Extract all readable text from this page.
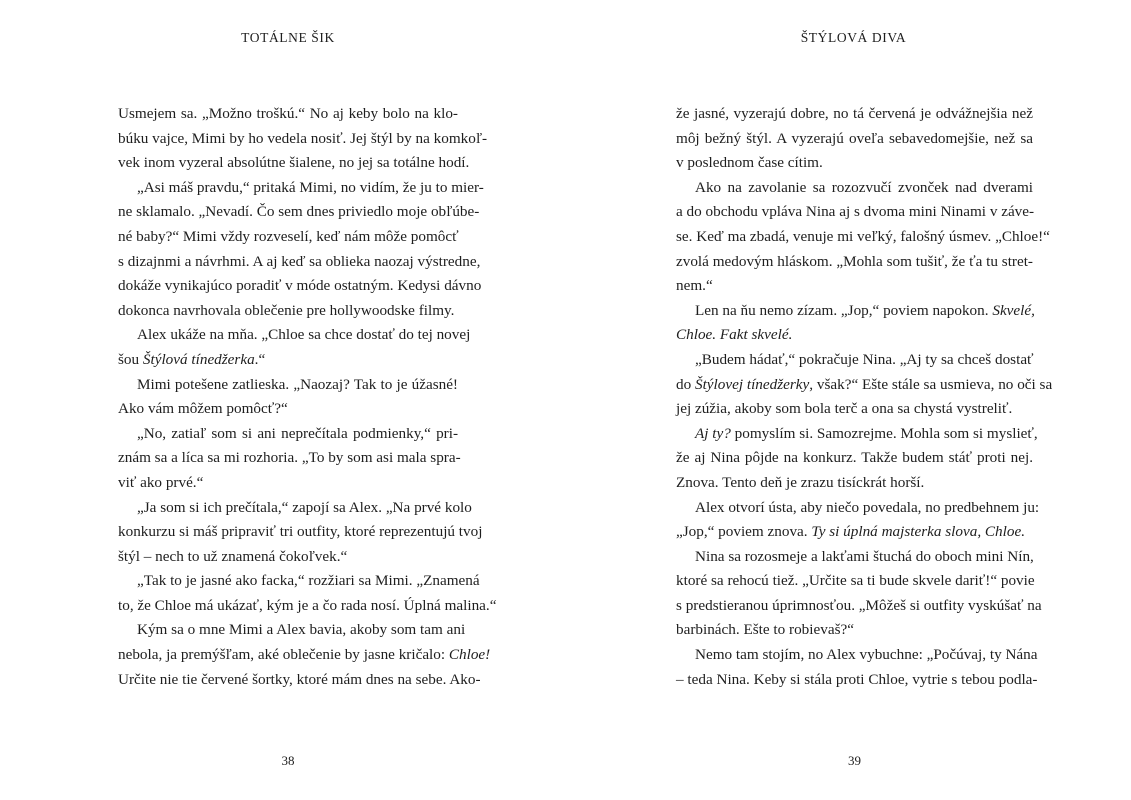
TOTÁLNE ŠIK
Usmejem sa. „Možno troškú.“ No aj keby bolo na klo-
búku vajce, Mimi by ho vedela nosiť. Jej štýl by na komkoľ-
vek inom vyzeral absolútne šialene, no jej sa totálne hodí.
„Asi máš pravdu,“ pritaká Mimi, no vidím, že ju to mier-
ne sklamalo. „Nevadí. Čo sem dnes priviedlo moje obľúbe-
né baby?“ Mimi vždy rozveselí, keď nám môže pomôcť
s dizajnmi a návrhmi. A aj keď sa oblieka naozaj výstredne,
dokáže vynikajúco poradiť v móde ostatným. Kedysi dávno
dokonca navrhovala oblečenie pre hollywoodske filmy.
Alex ukáže na mňa. „Chloe sa chce dostať do tej novej
šou Štýlová tínedžerka.“
Mimi potešene zatlieska. „Naozaj? Tak to je úžasné!
Ako vám môžem pomôcť?“
„No, zatiaľ som si ani neprečítala podmienky,“ pri-
znám sa a líca sa mi rozhoria. „To by som asi mala spra-
viť ako prvé.“
„Ja som si ich prečítala,“ zapojí sa Alex. „Na prvé kolo
konkurzu si máš pripraviť tri outfity, ktoré reprezentujú tvoj
štýl – nech to už znamená čokoľvek.“
„Tak to je jasné ako facka,“ rozžiari sa Mimi. „Znamená
to, že Chloe má ukázať, kým je a čo rada nosí. Úplná malina.“
Kým sa o mne Mimi a Alex bavia, akoby som tam ani
nebola, ja premýšľam, aké oblečenie by jasne kričalo: Chloe!
Určite nie tie červené šortky, ktoré mám dnes na sebe. Ako-
38
ŠTÝLOVÁ DIVA
že jasné, vyzerajú dobre, no tá červená je odvážnejšia než
môj bežný štýl. A vyzerajú oveľa sebavedomejšie, než sa
v poslednom čase cítim.
Ako na zavolanie sa rozozvučí zvonček nad dverami
a do obchodu vpláva Nina aj s dvoma mini Ninami v záve-
se. Keď ma zbadá, venuje mi veľký, falošný úsmev. „Chloe!“
zvolá medovým hláskom. „Mohla som tušiť, že ťa tu stret-
nem.“
Len na ňu nemo zízam. „Jop,“ poviem napokon. Skvelé,
Chloe. Fakt skvelé.
„Budem hádať,“ pokračuje Nina. „Aj ty sa chceš dostať
do Štýlovej tínedžerky, však?“ Ešte stále sa usmieva, no oči sa
jej zúžia, akoby som bola terč a ona sa chystá vystreliť.
Aj ty? pomyslím si. Samozrejme. Mohla som si myslieť,
že aj Nina pôjde na konkurz. Takže budem stáť proti nej.
Znova. Tento deň je zrazu tisíckrát horší.
Alex otvorí ústa, aby niečo povedala, no predbehnem ju:
„Jop,“ poviem znova. Ty si úplná majsterka slova, Chloe.
Nina sa rozosmeje a lakťami štuchá do oboch mini Nín,
ktoré sa rehocú tiež. „Určite sa ti bude skvele dariť!“ povie
s predstieranou úprimnosťou. „Môžeš si outfity vyskúšať na
barbinách. Ešte to robievaš?“
Nemo tam stojím, no Alex vybuchne: „Počúvaj, ty Nána
– teda Nina. Keby si stála proti Chloe, vytrie s tebou podla-
39
